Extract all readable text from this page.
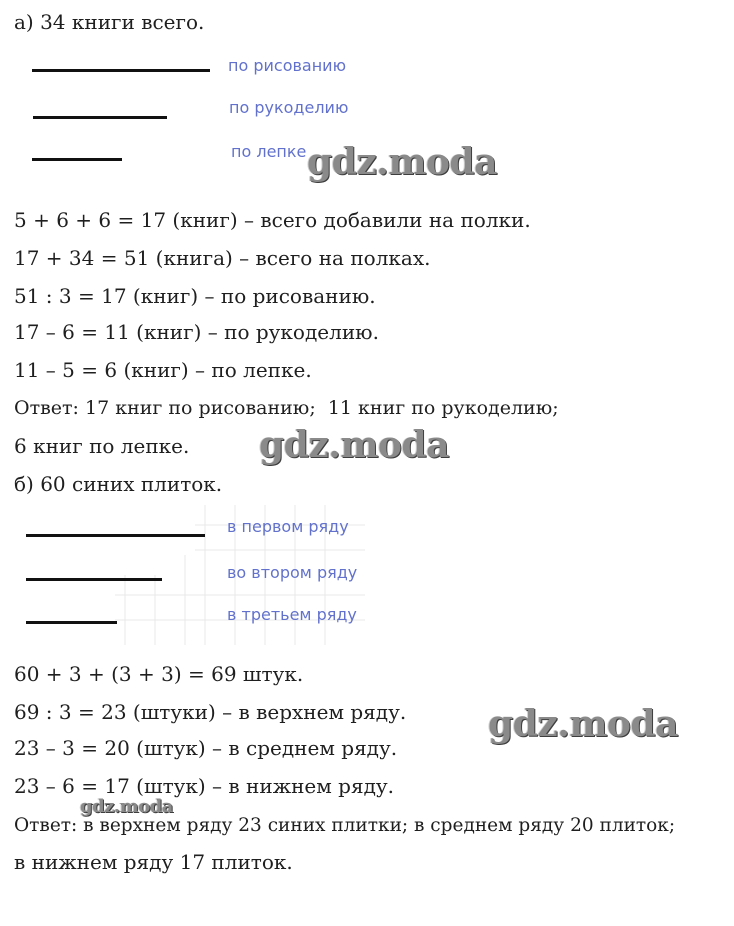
а) 34 книги всего.
по рисованию
по рукоделию
по лепке gdz.moda
5 + 6 + 6 = 17 (книг) – всего добавили на полки.
17 + 34 = 51 (книга) – всего на полках.
51 : 3 = 17 (книг) – по рисованию.
17 – 6 = 11 (книг) – по рукоделию.
11 – 5 = 6 (книг) – по лепке.
Ответ: 17 книг по рисованию;  11 книг по рукоделию;
6 книг по лепке. gdz.moda
б) 60 синих плиток.
в первом ряду
во втором ряду
в третьем ряду
60 + 3 + (3 + 3) = 69 штук.
69 : 3 = 23 (штуки) – в верхнем ряду.
23 – 3 = 20 (штук) – в среднем ряду.
23 – 6 = 17 (штук) – в нижнем ряду.
gdz.moda
gdz.moda
Ответ: в верхнем ряду 23 синих плитки; в среднем ряду 20 плиток;
в нижнем ряду 17 плиток.
